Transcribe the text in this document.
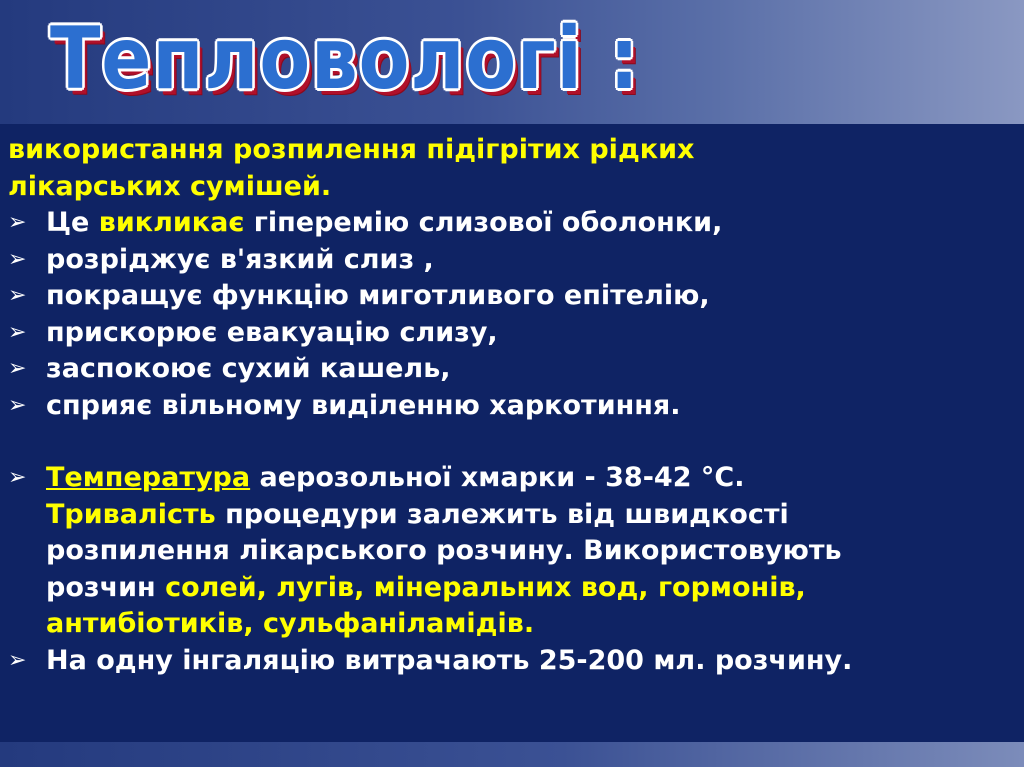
Тепловологі :
використання розпилення підігрітих рідких
лікарських сумішей.
➢ Це викликає гіперемію слизової оболонки,
➢ розріджує в'язкий слиз ,
➢ покращує функцію миготливого епітелію,
➢ прискорює евакуацію слизу,
➢ заспокоює сухий кашель,
➢ сприяє вільному виділенню харкотиння.
➢ Температура аерозольної хмарки - 38-42 °С.
Тривалість процедури залежить від швидкості
розпилення лікарського розчину. Використовують
розчин солей, лугів, мінеральних вод, гормонів,
антибіотиків, сульфаніламідів.
➢ На одну інгаляцію витрачають 25-200 мл. розчину.
